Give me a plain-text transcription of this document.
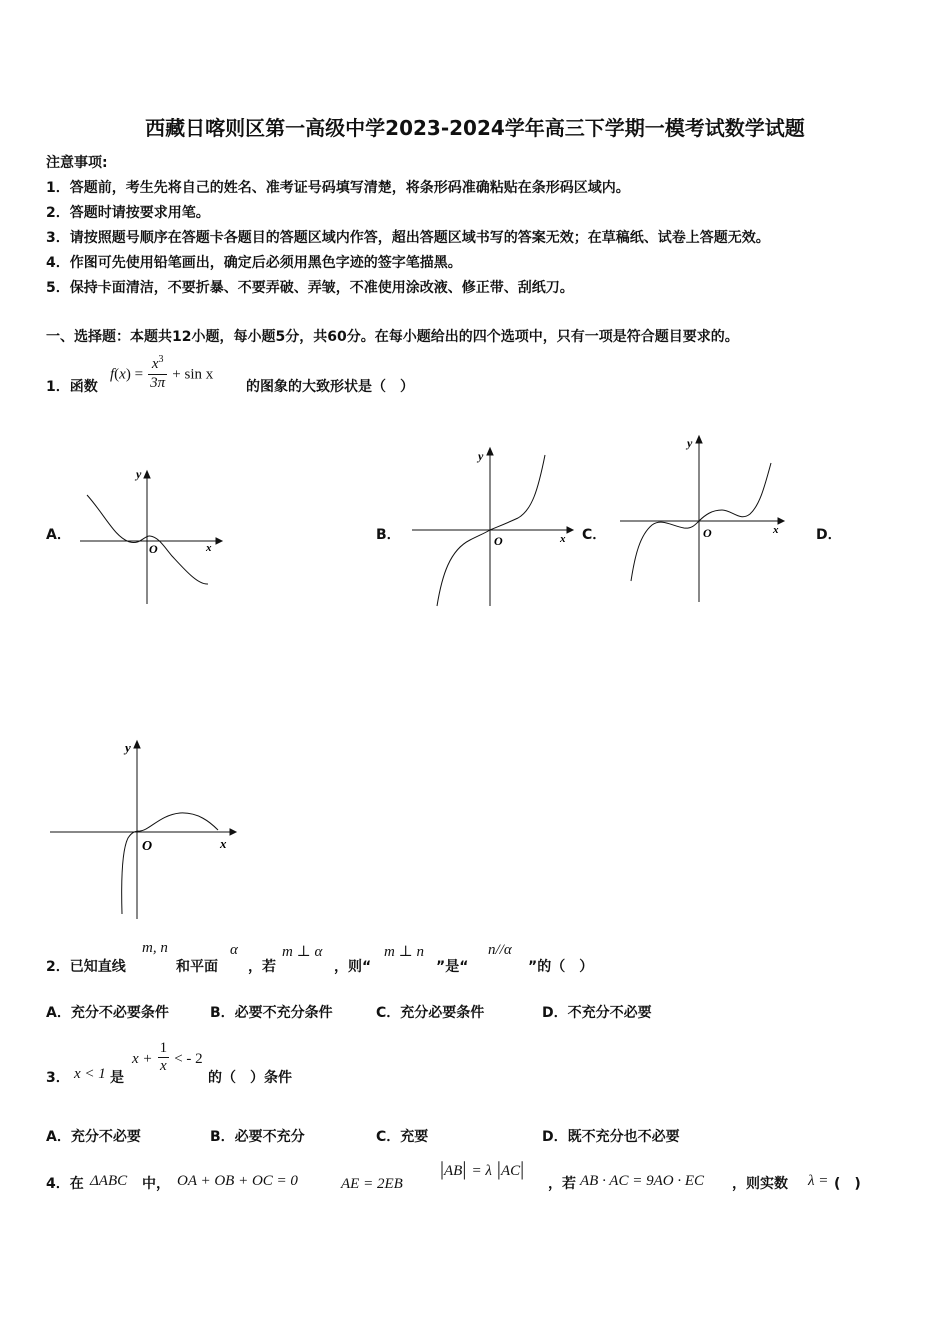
西藏日喀则区第一高级中学2023-2024学年高三下学期一模考试数学试题
注意事项:
1．答题前，考生先将自己的姓名、准考证号码填写清楚，将条形码准确粘贴在条形码区域内。
2．答题时请按要求用笔。
3．请按照题号顺序在答题卡各题目的答题区域内作答，超出答题区域书写的答案无效；在草稿纸、试卷上答题无效。
4．作图可先使用铅笔画出，确定后必须用黑色字迹的签字笔描黑。
5．保持卡面清洁，不要折暴、不要弄破、弄皱，不准使用涂改液、修正带、刮纸刀。
一、选择题：本题共12小题，每小题5分，共60分。在每小题给出的四个选项中，只有一项是符合题目要求的。
1．函数
$f(x) = \frac{x^3}{3\pi} + \sin x$
的图象的大致形状是（　）
A．	B．	C．	D．
y
O	x
y
O	x
y
O	x
y
O	x
2．已知直线
m, n
和平面
α
，若
m ⊥ α
，则“
m ⊥ n
”是“
n//α
”的（　）
A．充分不必要条件	B．必要不充分条件	C．充分必要条件	D．不充分不必要
3． x < 1 是
$x + \frac{1}{x}$ < - 2
的（　）条件
A．充分不必要	B．必要不充分	C．充要	D．既不充分也不必要
4．在 ΔABC 中， OA + OB + OC = 0	AE = 2EB
|AB| = λ |AC|
，若 AB · AC = 9AO · EC ，则实数 λ = (　)
